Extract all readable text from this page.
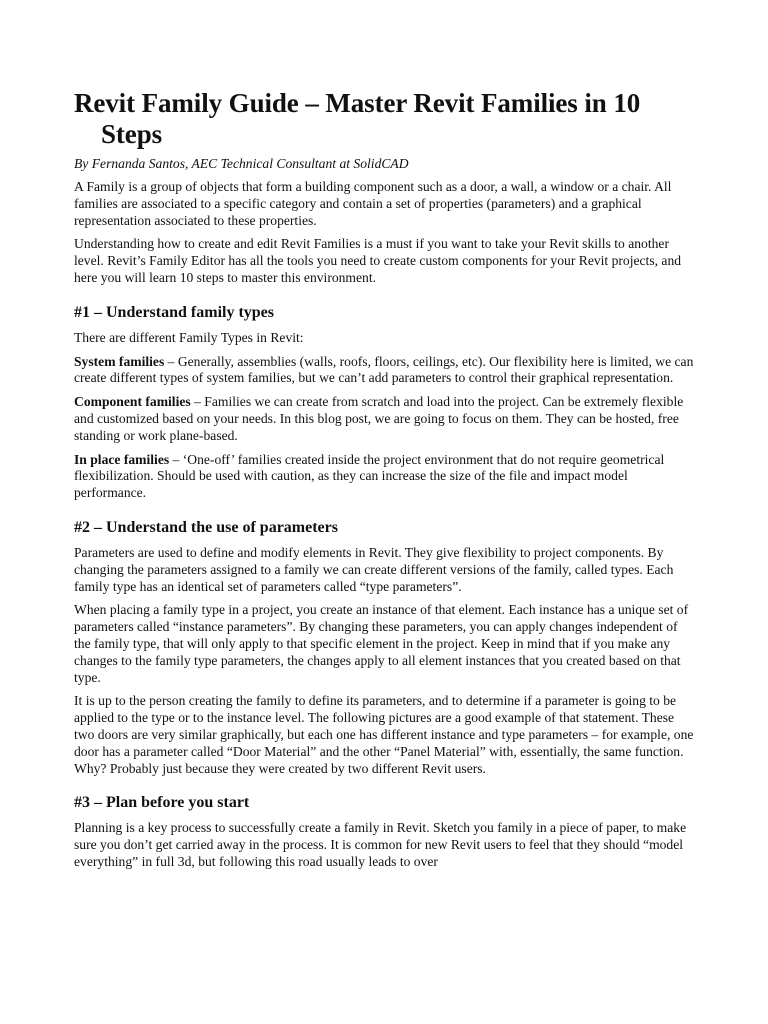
Revit Family Guide – Master Revit Families in 10 Steps

By Fernanda Santos, AEC Technical Consultant at SolidCAD

A Family is a group of objects that form a building component such as a door, a wall, a window or a chair. All families are associated to a specific category and contain a set of properties (parameters) and a graphical representation associated to these properties.

Understanding how to create and edit Revit Families is a must if you want to take your Revit skills to another level. Revit’s Family Editor has all the tools you need to create custom components for your Revit projects, and here you will learn 10 steps to master this environment.

#1 – Understand family types

There are different Family Types in Revit:

System families – Generally, assemblies (walls, roofs, floors, ceilings, etc). Our flexibility here is limited, we can create different types of system families, but we can’t add parameters to control their graphical representation.

Component families – Families we can create from scratch and load into the project. Can be extremely flexible and customized based on your needs. In this blog post, we are going to focus on them. They can be hosted, free standing or work plane-based.

In place families – ‘One-off’ families created inside the project environment that do not require geometrical flexibilization. Should be used with caution, as they can increase the size of the file and impact model performance.

#2 – Understand the use of parameters

Parameters are used to define and modify elements in Revit. They give flexibility to project components. By changing the parameters assigned to a family we can create different versions of the family, called types. Each family type has an identical set of parameters called “type parameters”.

When placing a family type in a project, you create an instance of that element. Each instance has a unique set of parameters called “instance parameters”. By changing these parameters, you can apply changes independent of the family type, that will only apply to that specific element in the project. Keep in mind that if you make any changes to the family type parameters, the changes apply to all element instances that you created based on that type.

It is up to the person creating the family to define its parameters, and to determine if a parameter is going to be applied to the type or to the instance level. The following pictures are a good example of that statement. These two doors are very similar graphically, but each one has different instance and type parameters – for example, one door has a parameter called “Door Material” and the other “Panel Material” with, essentially, the same function. Why? Probably just because they were created by two different Revit users.

#3 – Plan before you start

Planning is a key process to successfully create a family in Revit. Sketch you family in a piece of paper, to make sure you don’t get carried away in the process. It is common for new Revit users to feel that they should “model everything” in full 3d, but following this road usually leads to over
